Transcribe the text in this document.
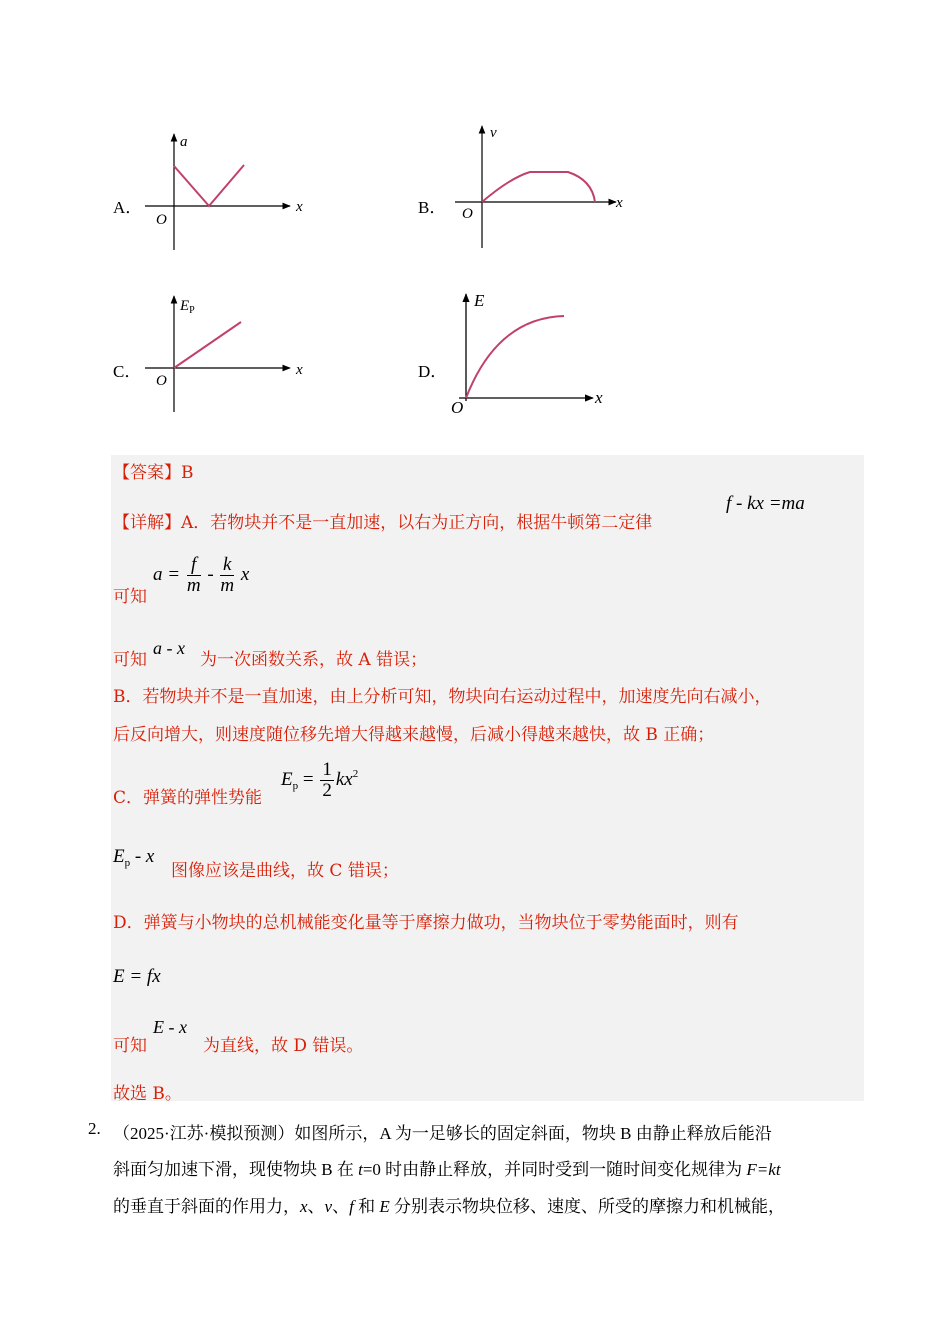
A．
a
x
O
B．
v
x
O
C．
$E_P$
x
O	D．
E
x
O
【答案】B
【详解】A．若物块并不是一直加速，以右为正方向，根据牛顿第二定律
f - kx =ma
可知
$a = \frac{f}{m} - \frac{k}{m}$ x
可知
a - x
为一次函数关系，故 A 错误；
B．若物块并不是一直加速，由上分析可知，物块向右运动过程中，加速度先向右减小，
后反向增大，则速度随位移先增大得越来越慢，后减小得越来越快，故 B 正确；
C．弹簧的弹性势能
$E_p = \frac{1}{2} kx^2$
$E_p$ - x
图像应该是曲线，故 C 错误；
D．弹簧与小物块的总机械能变化量等于摩擦力做功，当物块位于零势能面时，则有
E = fx
可知
E - x
为直线，故 D 错误。
故选 B。
2. （2025·江苏·模拟预测）如图所示，A 为一足够长的固定斜面，物块 B 由静止释放后能沿
斜面匀加速下滑，现使物块 B 在 t=0 时由静止释放，并同时受到一随时间变化规律为 F=kt
的垂直于斜面的作用力，x、v、f 和 E 分别表示物块位移、速度、所受的摩擦力和机械能，
